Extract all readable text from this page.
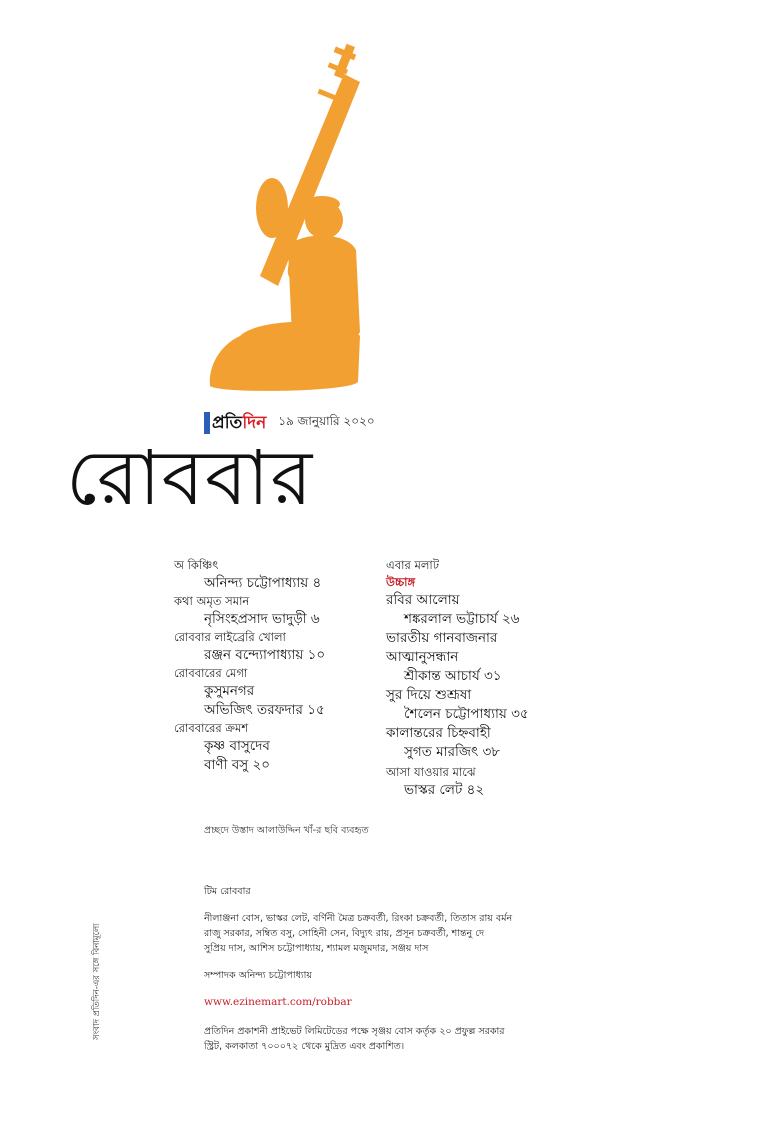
প্রতিদিন ১৯ জানুয়ারি ২০২০
রোববার

অ কিঞ্চিৎ

অনিন্দ্য চট্টোপাধ্যায় ৪

কথা অমৃত সমান

নৃসিংহপ্রসাদ ভাদুড়ী ৬

রোববার লাইব্রেরি খোলা

রঞ্জন বন্দ্যোপাধ্যায় ১০

রোববারের মেগা

কুসুমনগর

অভিজিৎ তরফদার ১৫

রোববারের ক্রমশ

কৃষ্ণ বাসুদেব

বাণী বসু ২০

এবার মলাট

উচ্চাঙ্গ

রবির আলোয়

শঙ্করলাল ভট্টাচার্য ২৬

ভারতীয় গানবাজনার আত্মানুসন্ধান

শ্রীকান্ত আচার্য ৩১

সুর দিয়ে শুশ্রূষা

শৈলেন চট্টোপাধ্যায় ৩৫

কালান্তরের চিহ্নবাহী

সুগত মারজিৎ ৩৮

আসা যাওয়ার মাঝে

ভাস্কর লেট ৪২

প্রচ্ছদে উস্তাদ আলাউদ্দিন খাঁ-র ছবি ব্যবহৃত

টিম রোববার

নীলাঞ্জনা বোস, ভাস্কর লেট, বর্ণিনী মৈত্র চক্রবর্তী, রিংকা চক্রবর্তী, তিতাস রায় বর্মন

রাজু সরকার, সম্বিত বসু, সোহিনী সেন, বিদ্যুৎ রায়, প্রসূন চক্রবর্তী, শান্তনু দে

সুপ্রিয় দাস, আশিস চট্টোপাধ্যায়, শ্যামল মজুমদার, সঞ্জয় দাস

সম্পাদক অনিন্দ্য চট্টোপাধ্যায়

www.ezinemart.com/robbar

প্রতিদিন প্রকাশনী প্রাইভেট লিমিটেডের পক্ষে সৃঞ্জয় বোস কর্তৃক ২০ প্রফুল্ল সরকার

স্ট্রিট, কলকাতা ৭০০০৭২ থেকে মুদ্রিত এবং প্রকাশিত।

সংবাদ প্রতিদিন-এর সঙ্গে বিনামূল্যে
